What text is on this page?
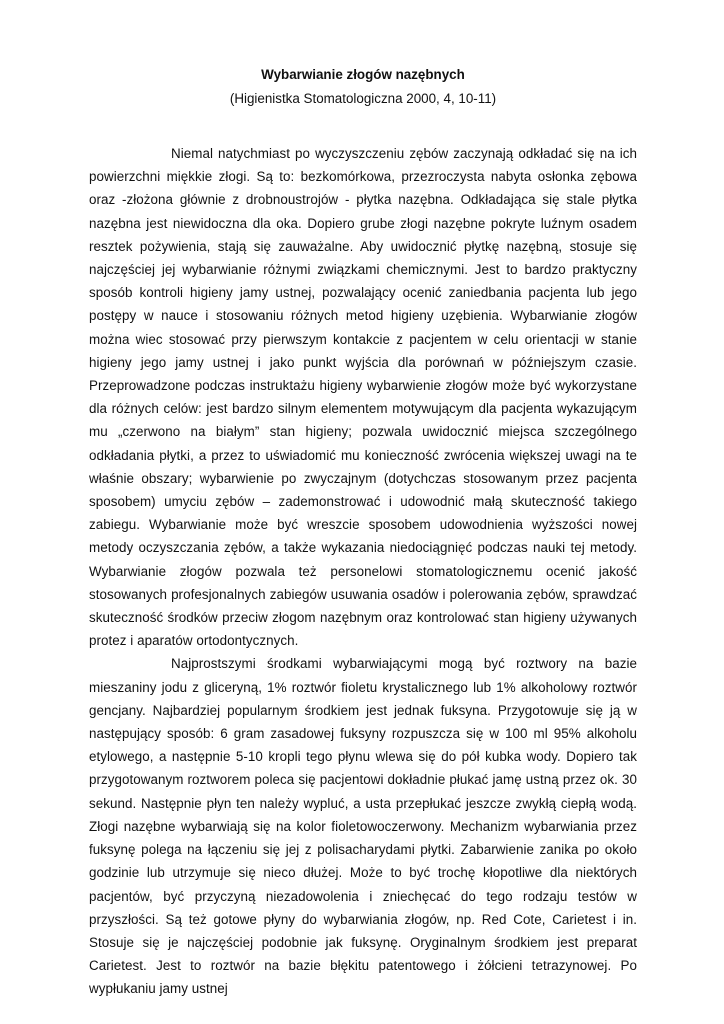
Wybarwianie złogów nazębnych
(Higienistka Stomatologiczna 2000, 4, 10-11)

Niemal natychmiast po wyczyszczeniu zębów zaczynają odkładać się na ich powierzchni miękkie złogi. Są to: bezkomórkowa, przezroczysta nabyta osłonka zębowa oraz -złożona głównie z drobnoustrojów - płytka nazębna. Odkładająca się stale płytka nazębna jest niewidoczna dla oka. Dopiero grube złogi nazębne pokryte luźnym osadem resztek pożywienia, stają się zauważalne. Aby uwidocznić płytkę nazębną, stosuje się najczęściej jej wybarwianie różnymi związkami chemicznymi. Jest to bardzo praktyczny sposób kontroli higieny jamy ustnej, pozwalający ocenić zaniedbania pacjenta lub jego postępy w nauce i stosowaniu różnych metod higieny uzębienia. Wybarwianie złogów można wiec stosować przy pierwszym kontakcie z pacjentem w celu orientacji w stanie higieny jego jamy ustnej i jako punkt wyjścia dla porównań w późniejszym czasie. Przeprowadzone podczas instruktażu higieny wybarwienie złogów może być wykorzystane dla różnych celów: jest bardzo silnym elementem motywującym dla pacjenta wykazującym mu „czerwono na białym” stan higieny; pozwala uwidocznić miejsca szczególnego odkładania płytki, a przez to uświadomić mu konieczność zwrócenia większej uwagi na te właśnie obszary; wybarwienie po zwyczajnym (dotychczas stosowanym przez pacjenta sposobem) umyciu zębów – zademonstrować i udowodnić małą skuteczność takiego zabiegu. Wybarwianie może być wreszcie sposobem udowodnienia wyższości nowej metody oczyszczania zębów, a także wykazania niedociągnięć podczas nauki tej metody. Wybarwianie złogów pozwala też personelowi stomatologicznemu ocenić jakość stosowanych profesjonalnych zabiegów usuwania osadów i polerowania zębów, sprawdzać skuteczność środków przeciw złogom nazębnym oraz kontrolować stan higieny używanych protez i aparatów ortodontycznych.

Najprostszymi środkami wybarwiającymi mogą być roztwory na bazie mieszaniny jodu z gliceryną, 1% roztwór fioletu krystalicznego lub 1% alkoholowy roztwór gencjany. Najbardziej popularnym środkiem jest jednak fuksyna. Przygotowuje się ją w następujący sposób: 6 gram zasadowej fuksyny rozpuszcza się w 100 ml 95% alkoholu etylowego, a następnie 5-10 kropli tego płynu wlewa się do pół kubka wody. Dopiero tak przygotowanym roztworem poleca się pacjentowi dokładnie płukać jamę ustną przez ok. 30 sekund. Następnie płyn ten należy wypluć, a usta przepłukać jeszcze zwykłą ciepłą wodą. Złogi nazębne wybarwiają się na kolor fioletowoczerwony. Mechanizm wybarwiania przez fuksynę polega na łączeniu się jej z polisacharydami płytki. Zabarwienie zanika po około godzinie lub utrzymuje się nieco dłużej. Może to być trochę kłopotliwe dla niektórych pacjentów, być przyczyną niezadowolenia i zniechęcać do tego rodzaju testów w przyszłości. Są też gotowe płyny do wybarwiania złogów, np. Red Cote, Carietest i in. Stosuje się je najczęściej podobnie jak fuksynę. Oryginalnym środkiem jest preparat Carietest. Jest to roztwór na bazie błękitu patentowego i żółcieni tetrazynowej. Po wypłukaniu jamy ustnej
